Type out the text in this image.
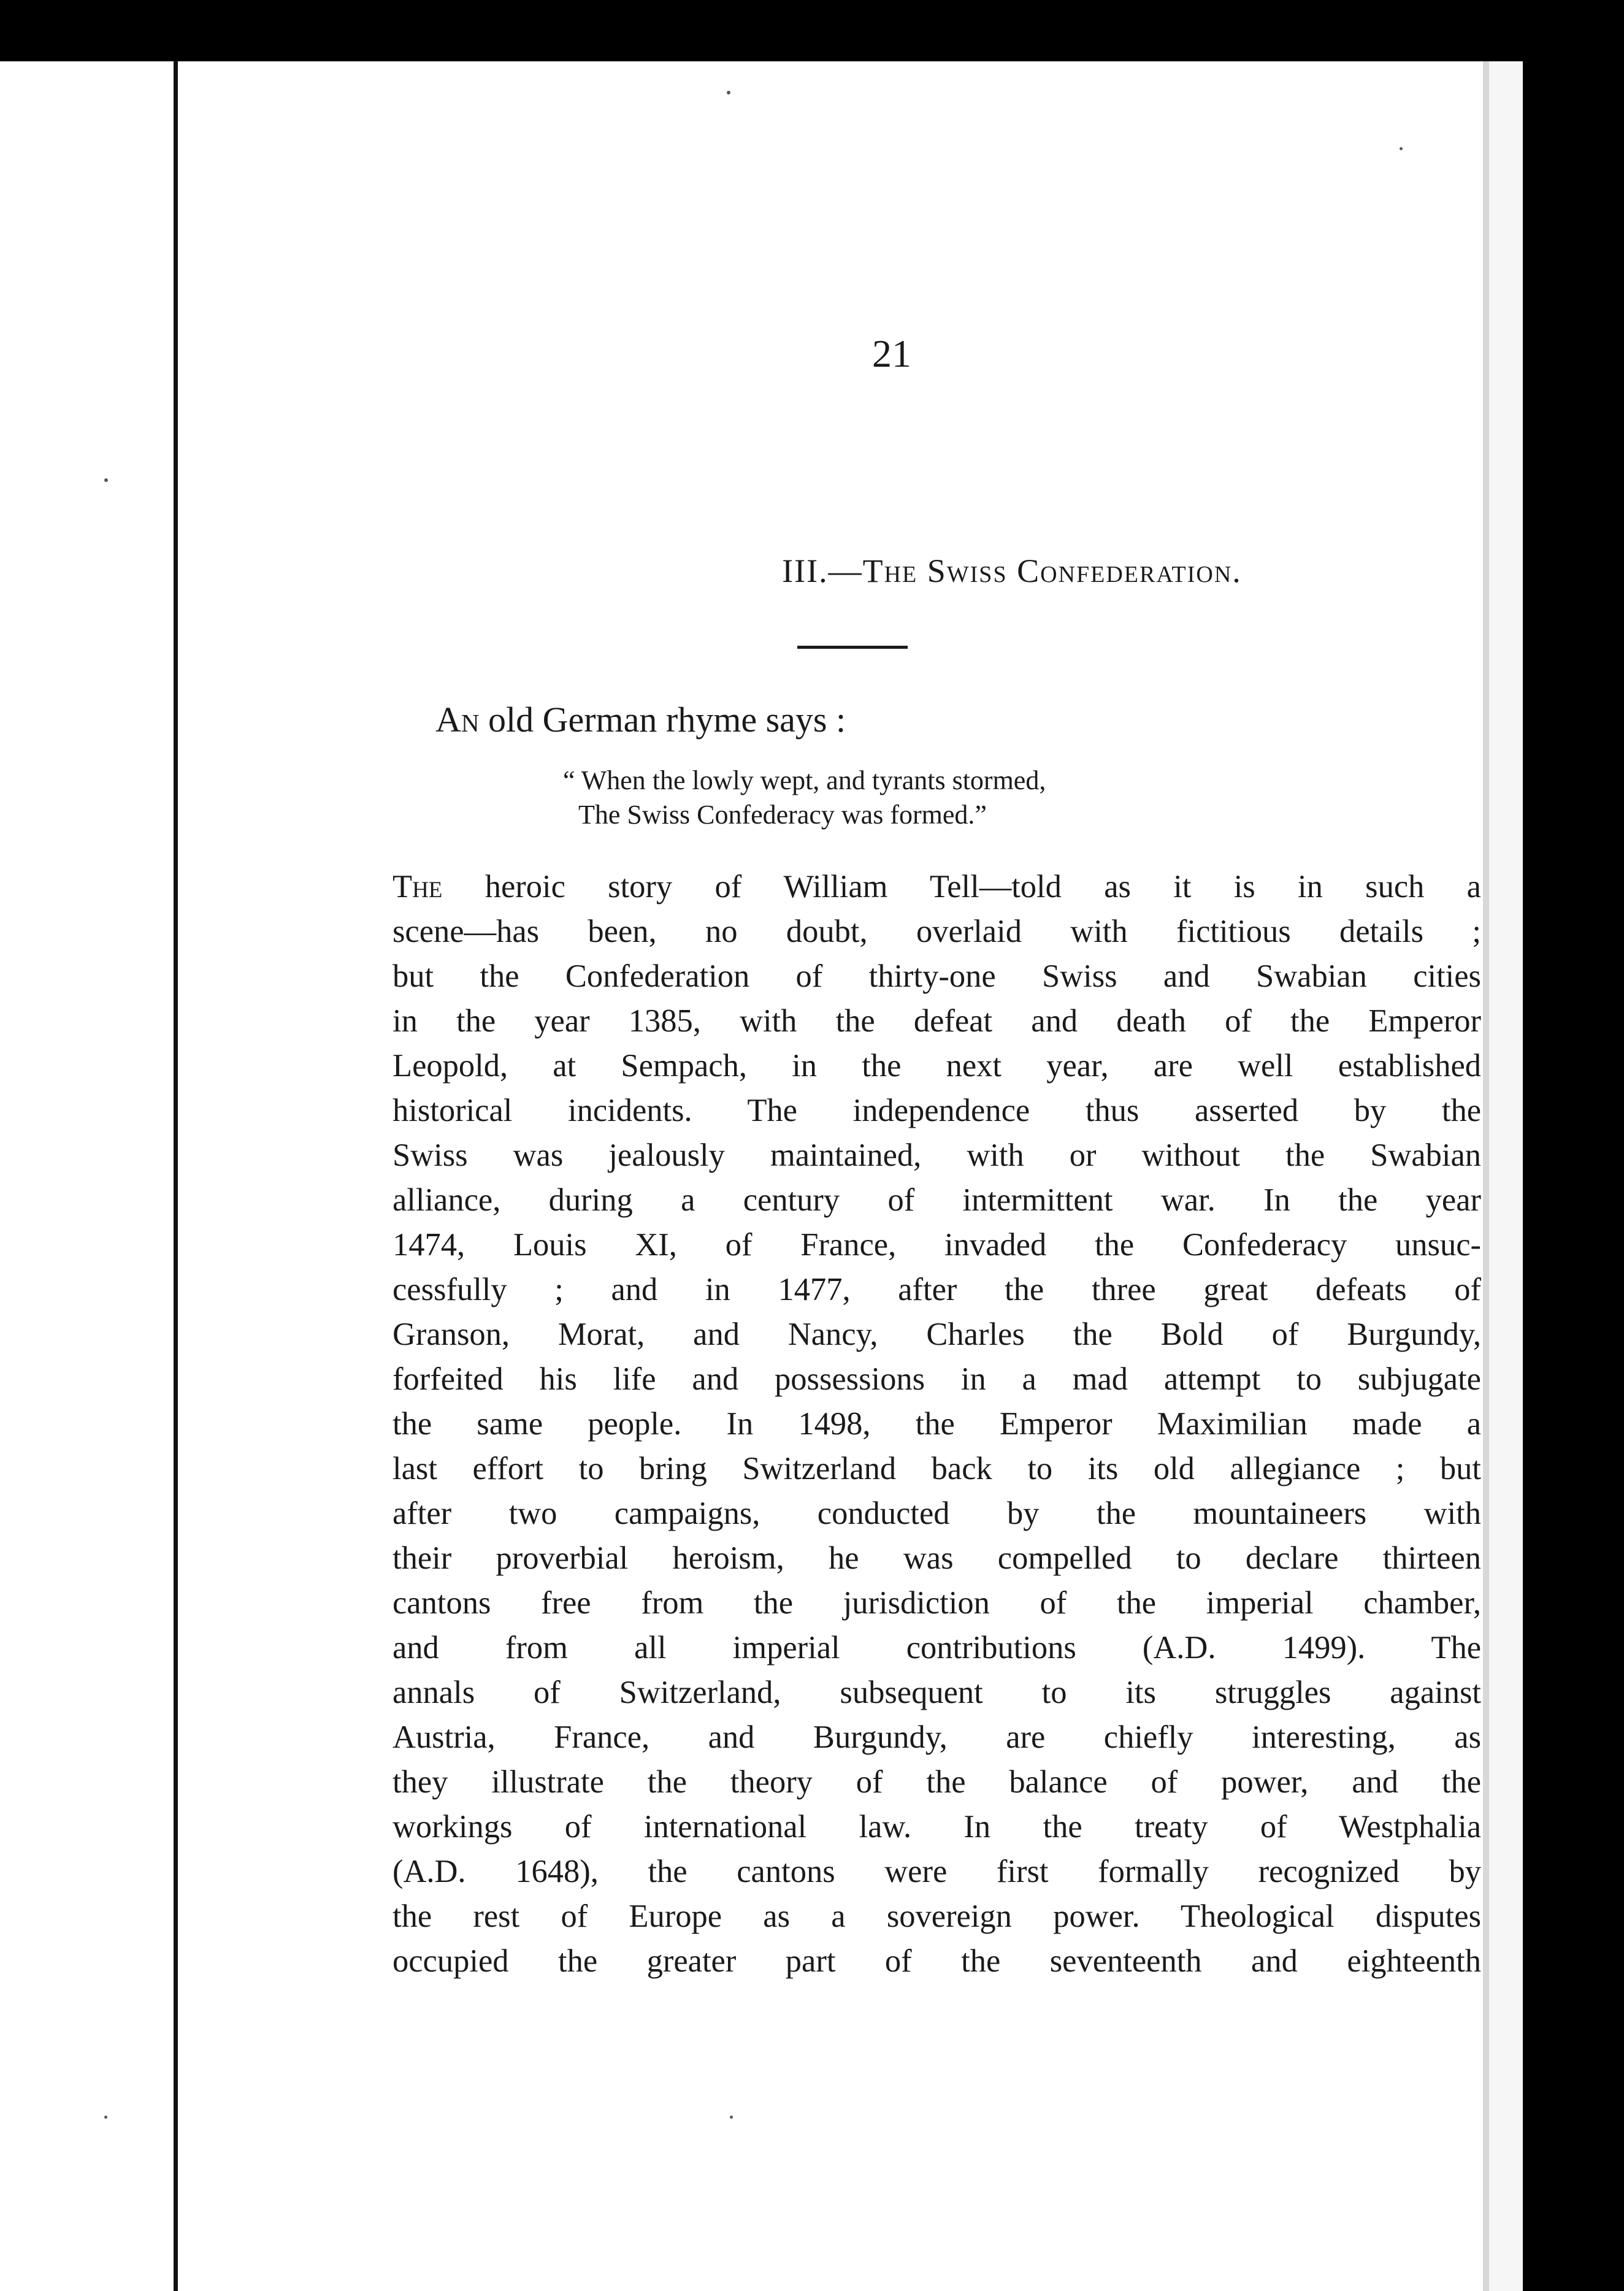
21
III.—The Swiss Confederation.
An old German rhyme says :
“ When the lowly wept, and tyrants stormed,
The Swiss Confederacy was formed.”
The heroic story of William Tell—told as it is in such a
scene—has been, no doubt, overlaid with fictitious details ;
but the Confederation of thirty-one Swiss and Swabian cities
in the year 1385, with the defeat and death of the Emperor
Leopold, at Sempach, in the next year, are well established
historical incidents. The independence thus asserted by the
Swiss was jealously maintained, with or without the Swabian
alliance, during a century of intermittent war. In the year
1474, Louis XI, of France, invaded the Confederacy unsuc-
cessfully ; and in 1477, after the three great defeats of
Granson, Morat, and Nancy, Charles the Bold of Burgundy,
forfeited his life and possessions in a mad attempt to subjugate
the same people. In 1498, the Emperor Maximilian made a
last effort to bring Switzerland back to its old allegiance ; but
after two campaigns, conducted by the mountaineers with
their proverbial heroism, he was compelled to declare thirteen
cantons free from the jurisdiction of the imperial chamber,
and from all imperial contributions (A.D. 1499). The
annals of Switzerland, subsequent to its struggles against
Austria, France, and Burgundy, are chiefly interesting, as
they illustrate the theory of the balance of power, and the
workings of international law. In the treaty of Westphalia
(A.D. 1648), the cantons were first formally recognized by
the rest of Europe as a sovereign power. Theological disputes
occupied the greater part of the seventeenth and eighteenth
